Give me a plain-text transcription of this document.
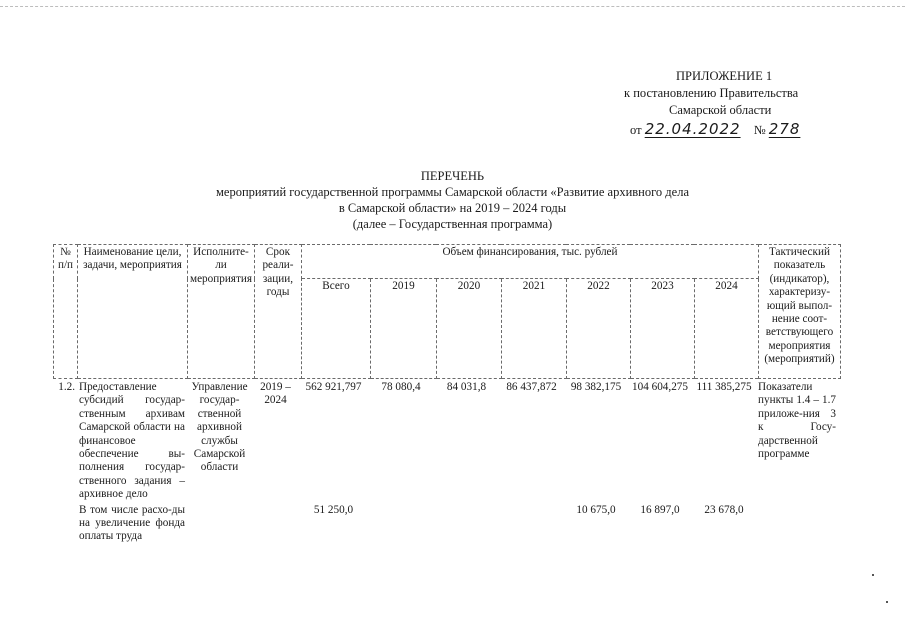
ПРИЛОЖЕНИЕ 1
к постановлению Правительства
Самарской области
от 22.04.2022 № 278
ПЕРЕЧЕНЬ
мероприятий государственной программы Самарской области «Развитие архивного дела
в Самарской области» на 2019 – 2024 годы
(далее – Государственная программа)
№ п/п	Наименование цели, задачи, мероприятия	Исполните-ли мероприятия	Срок реали-зации, годы	Объем финансирования, тыс. рублей							Тактический показатель (индикатор), характеризу-ющий выпол-нение соот-ветствующего мероприятия (мероприятий)
				Всего	2019	2020	2021	2022	2023	2024	
1.2.	Предоставление субсидий государ-ственным архивам Самарской области на финансовое обеспечение вы-полнения государ-ственного задания – архивное дело	Управление государ-ственной архивной службы Самарской области	2019 – 2024	562 921,797	78 080,4	84 031,8	86 437,872	98 382,175	104 604,275	111 385,275	Показатели пункты 1.4 – 1.7 приложе-ния 3 к Госу-дарственной программе
	В том числе расхо-ды на увеличение фонда оплаты труда			51 250,0				10 675,0	16 897,0	23 678,0	
